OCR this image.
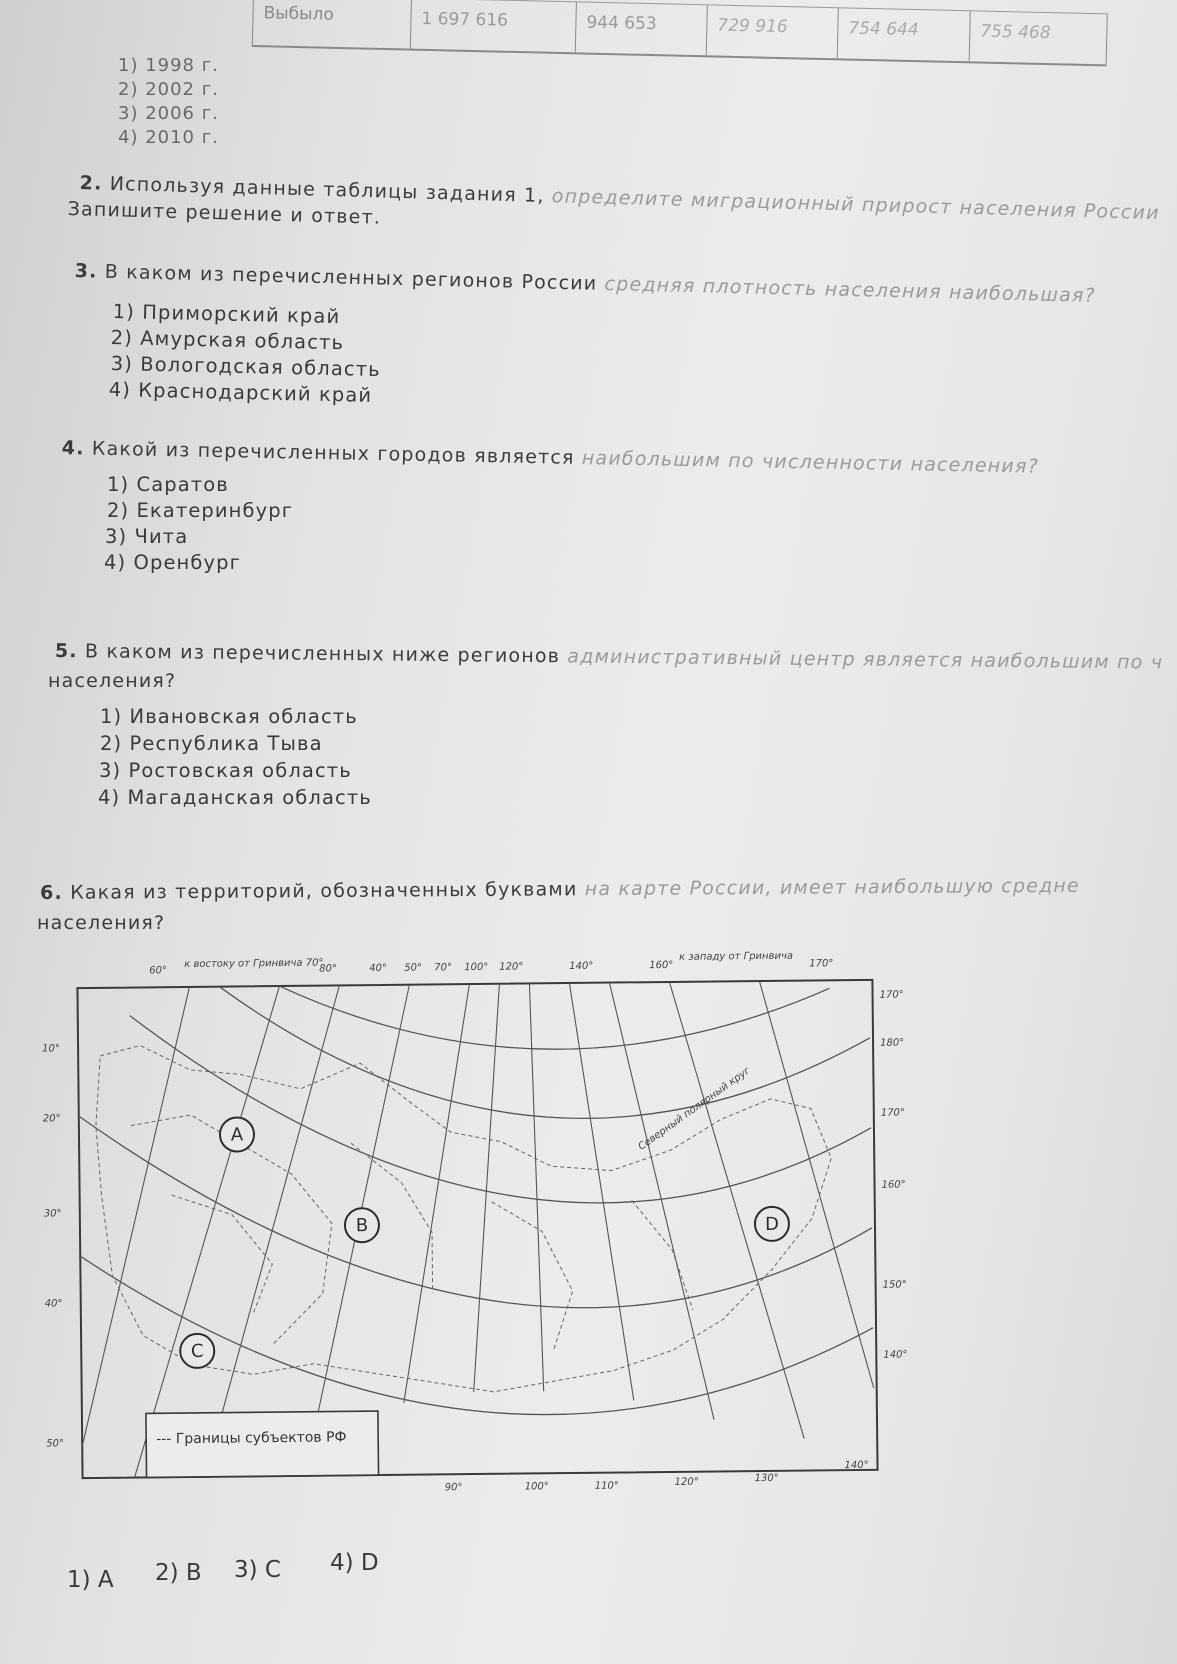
Выбыло	1 697 616	944 653	729 916	754 644	755 468
1) 1998 г.
2) 2002 г.
3) 2006 г.
4) 2010 г.
2. Используя данные таблицы задания 1, определите миграционный прирост населения России
Запишите решение и ответ.
3. В каком из перечисленных регионов России средняя плотность населения наибольшая?
1) Приморский край
2) Амурская область
3) Вологодская область
4) Краснодарский край
4. Какой из перечисленных городов является наибольшим по численности населения?
1) Саратов
2) Екатеринбург
3) Чита
4) Оренбург
5. В каком из перечисленных ниже регионов административный центр является наибольшим по ч
населения?
1) Ивановская область
2) Республика Тыва
3) Ростовская область
4) Магаданская область
6. Какая из территорий, обозначенных буквами на карте России, имеет наибольшую средне
населения?
Северный полярный круг
60°
к востоку от Гринвича 70°
80°	40° 50° 70° 100° 120°	140°	160°
к западу от Гринвича
170°
10°
20°
30°
40°
50°
170°
180°
170°
160°
150°
140°
90°	100°	110°	120°	130°
140°
A
B
C
D
--- Границы субъектов РФ
1) A 2) B 3) C 4) D
